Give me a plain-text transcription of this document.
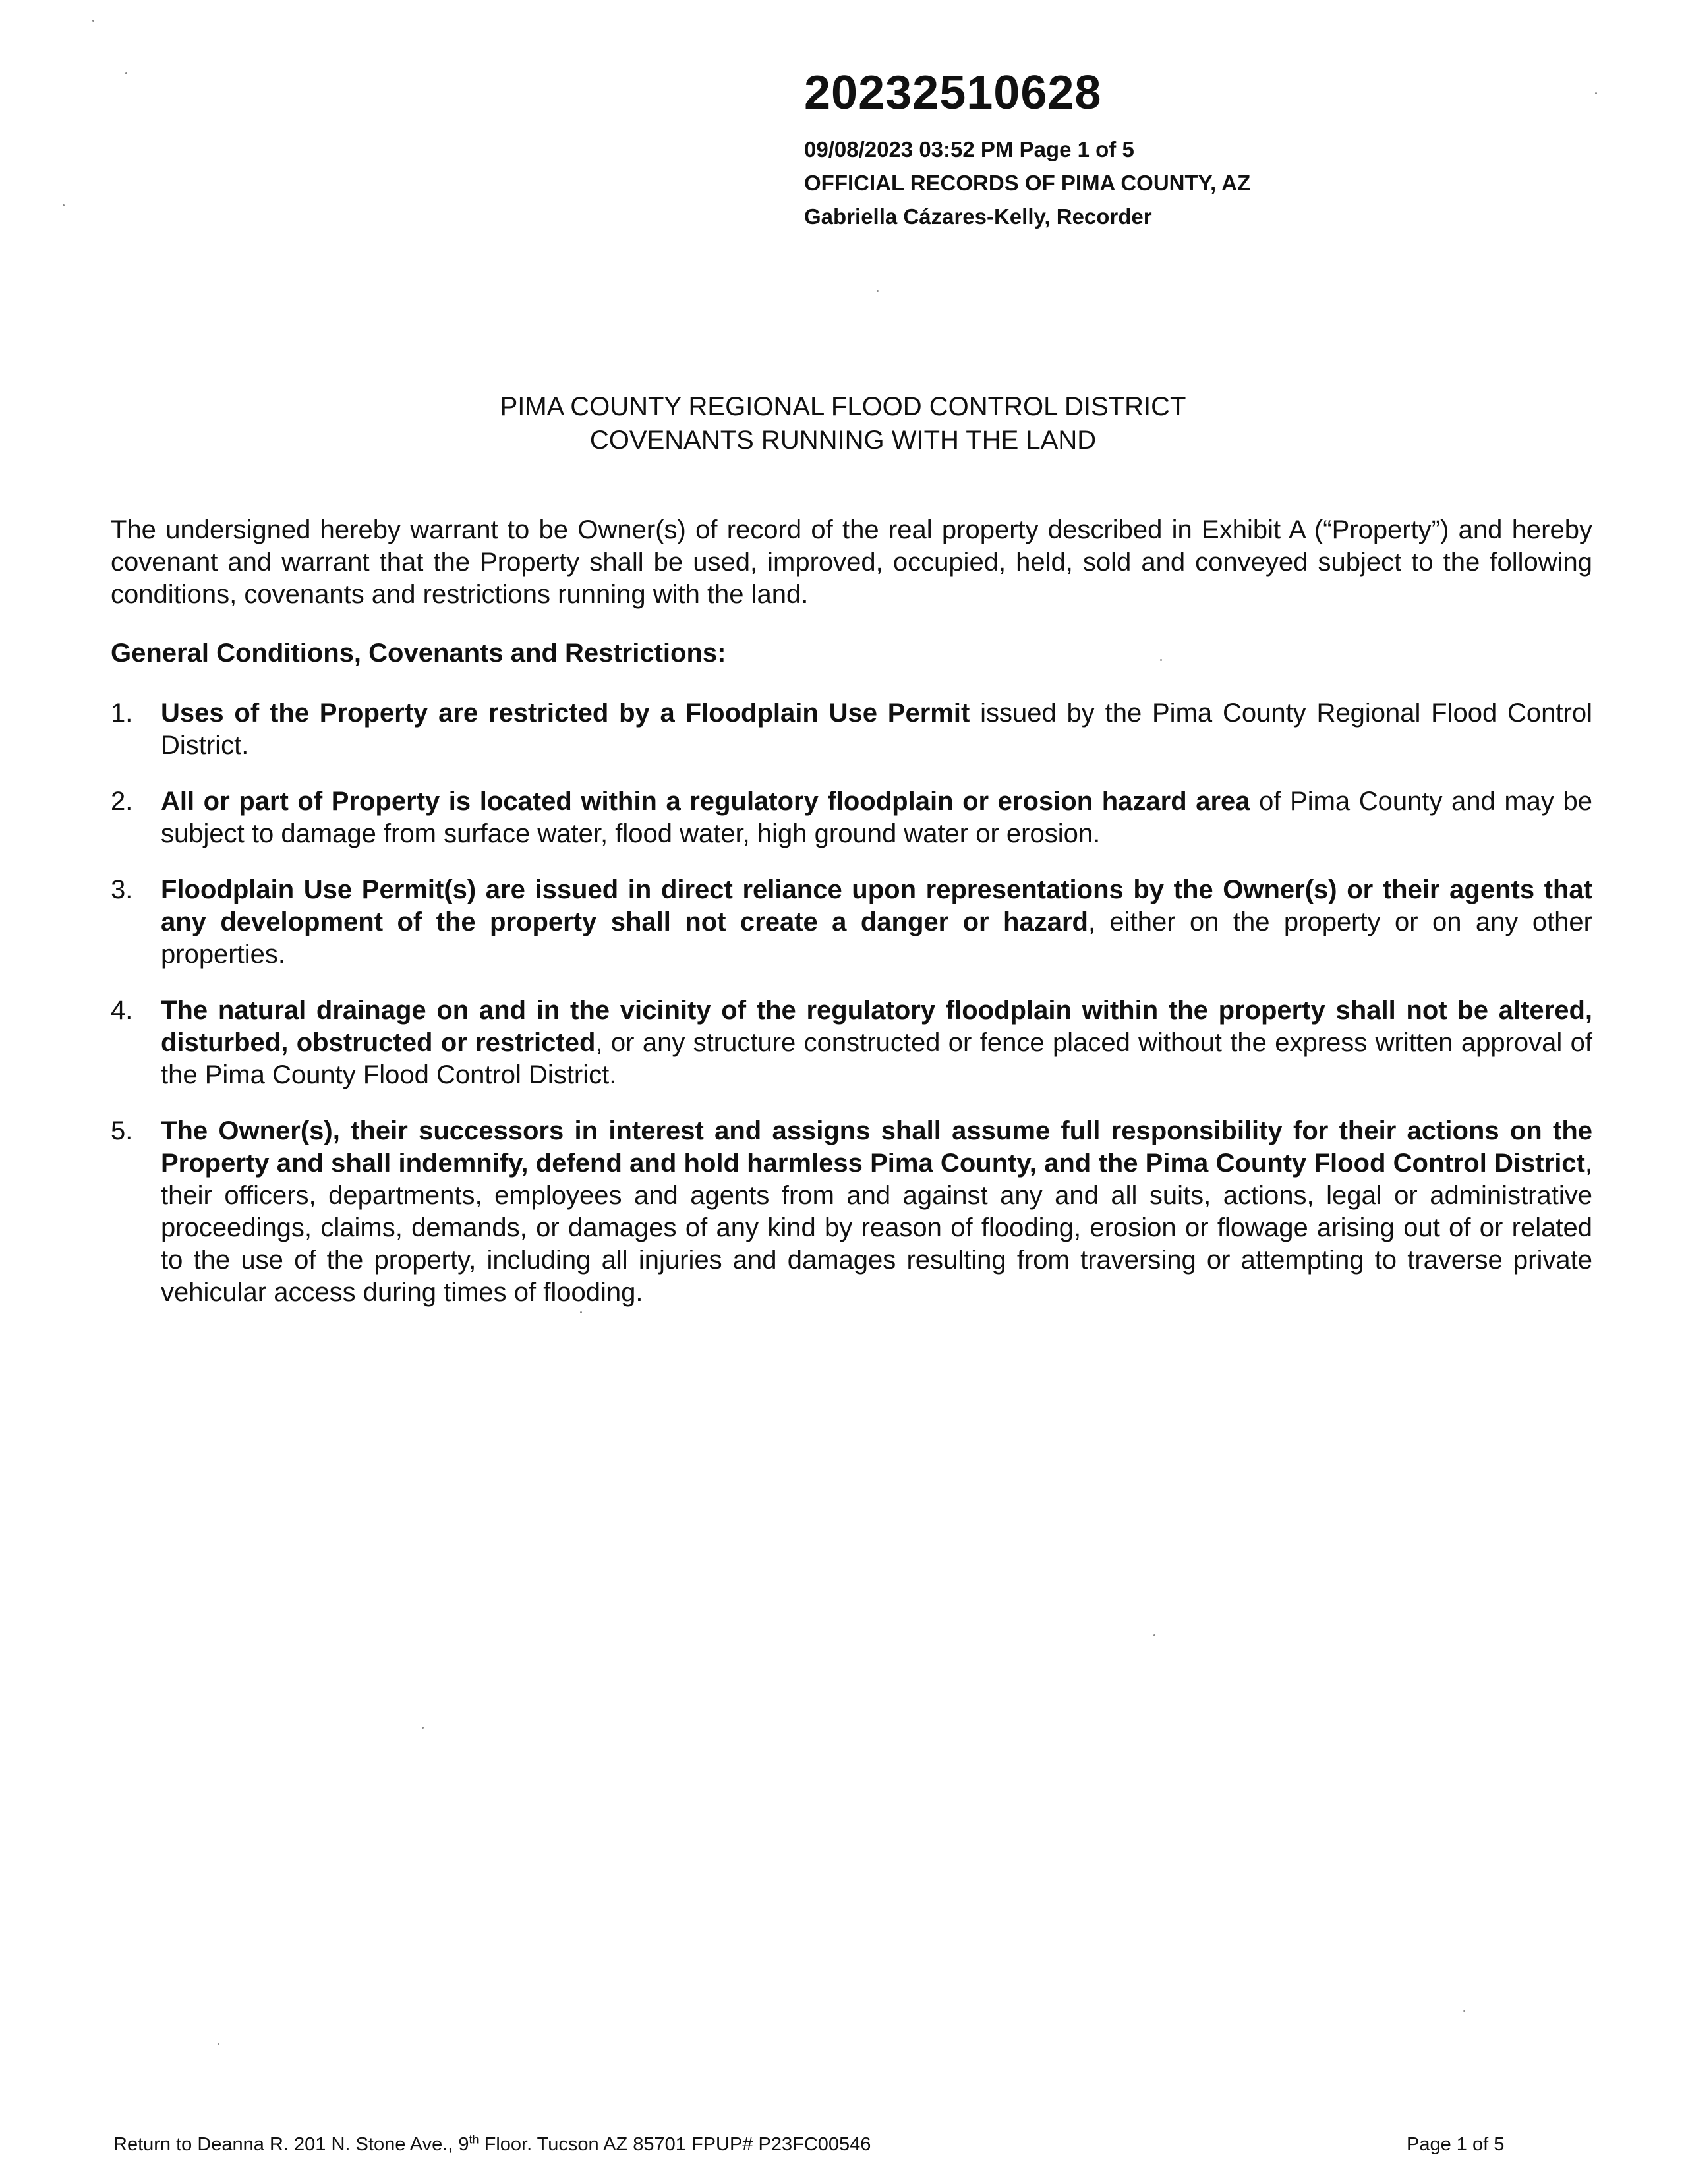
20232510628
09/08/2023 03:52 PM Page 1 of 5
OFFICIAL RECORDS OF PIMA COUNTY, AZ
Gabriella Cázares-Kelly, Recorder
PIMA COUNTY REGIONAL FLOOD CONTROL DISTRICT
COVENANTS RUNNING WITH THE LAND

The undersigned hereby warrant to be Owner(s) of record of the real property described in Exhibit A (“Property”) and hereby covenant and warrant that the Property shall be used, improved, occupied, held, sold and conveyed subject to the following conditions, covenants and restrictions running with the land.

General Conditions, Covenants and Restrictions:
1. Uses of the Property are restricted by a Floodplain Use Permit issued by the Pima County Regional Flood Control District.
2. All or part of Property is located within a regulatory floodplain or erosion hazard area of Pima County and may be subject to damage from surface water, flood water, high ground water or erosion.
3. Floodplain Use Permit(s) are issued in direct reliance upon representations by the Owner(s) or their agents that any development of the property shall not create a danger or hazard, either on the property or on any other properties.
4. The natural drainage on and in the vicinity of the regulatory floodplain within the property shall not be altered, disturbed, obstructed or restricted, or any structure constructed or fence placed without the express written approval of the Pima County Flood Control District.
5. The Owner(s), their successors in interest and assigns shall assume full responsibility for their actions on the Property and shall indemnify, defend and hold harmless Pima County, and the Pima County Flood Control District, their officers, departments, employees and agents from and against any and all suits, actions, legal or administrative proceedings, claims, demands, or damages of any kind by reason of flooding, erosion or flowage arising out of or related to the use of the property, including all injuries and damages resulting from traversing or attempting to traverse private vehicular access during times of flooding.
Return to Deanna R. 201 N. Stone Ave., 9th Floor. Tucson AZ 85701 FPUP# P23FC00546	Page 1 of 5
